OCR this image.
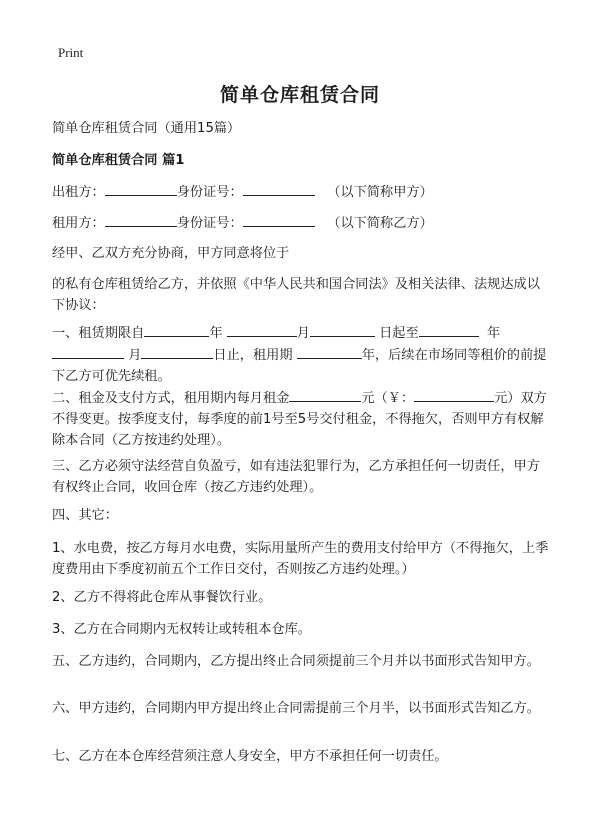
Print
简单仓库租赁合同

简单仓库租赁合同（通用15篇）

简单仓库租赁合同 篇1

出租方：	身份证号：	（以下简称甲方）

租用方：	身份证号：	（以下简称乙方）

经甲、乙双方充分协商，甲方同意将位于

的私有仓库租赁给乙方，并依照《中华人民共和国合同法》及相关法律、法规达成以下协议：

一、租赁期限自	年	月	日起至	年
月	日止，租用期	年，后续在市场同等租价的前提下乙方可优先续租。

二、租金及支付方式，租用期内每月租金	元（￥：	元）双方不得变更。按季度支付，每季度的前1号至5号交付租金，不得拖欠，否则甲方有权解除本合同（乙方按违约处理）。

三、乙方必须守法经营自负盈亏，如有违法犯罪行为，乙方承担任何一切责任，甲方有权终止合同，收回仓库（按乙方违约处理）。

四、其它：

1、水电费，按乙方每月水电费，实际用量所产生的费用支付给甲方（不得拖欠，上季度费用由下季度初前五个工作日交付，否则按乙方违约处理。）

2、乙方不得将此仓库从事餐饮行业。

3、乙方在合同期内无权转让或转租本仓库。

五、乙方违约，合同期内，乙方提出终止合同须提前三个月并以书面形式告知甲方。

六、甲方违约，合同期内甲方提出终止合同需提前三个月半，以书面形式告知乙方。

七、乙方在本仓库经营须注意人身安全，甲方不承担任何一切责任。
